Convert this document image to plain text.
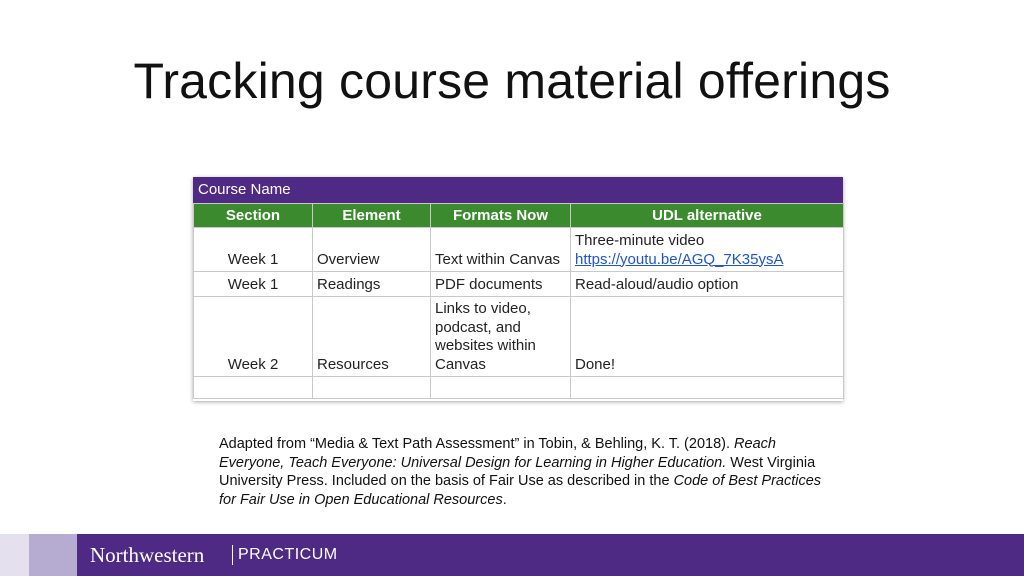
Tracking course material offerings
Course Name
Section	Element	Formats Now	UDL alternative
Week 1	Overview	Text within Canvas	Three-minute video
https://youtu.be/AGQ_7K35ysA

Week 1	Readings	PDF documents	Read-aloud/audio option
Week 2	Resources	Links to video,
podcast, and
websites within
Canvas	Done!

Adapted from “Media & Text Path Assessment” in Tobin, & Behling, K. T. (2018). Reach Everyone, Teach Everyone: Universal Design for Learning in Higher Education. West Virginia University Press. Included on the basis of Fair Use as described in the Code of Best Practices for Fair Use in Open Educational Resources.

Northwestern PRACTICUM
